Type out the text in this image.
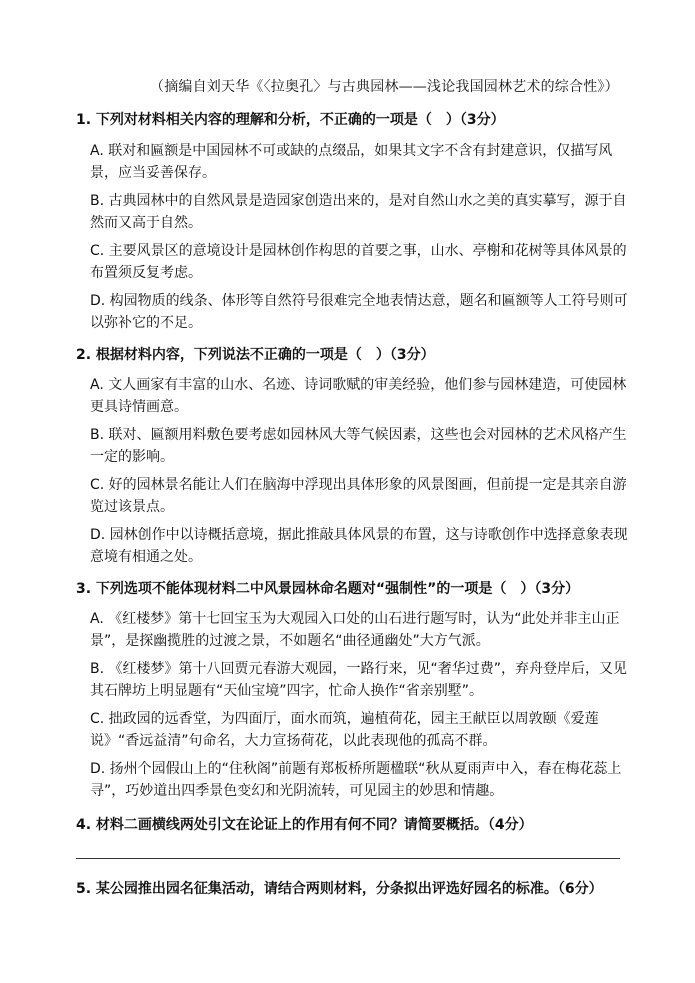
（摘编自刘天华《〈拉奥孔〉与古典园林——浅论我国园林艺术的综合性》）
1. 下列对材料相关内容的理解和分析，不正确的一项是（　）（3分）
A. 联对和匾额是中国园林不可或缺的点缀品，如果其文字不含有封建意识，仅描写风景，应当妥善保存。
B. 古典园林中的自然风景是造园家创造出来的，是对自然山水之美的真实摹写，源于自然而又高于自然。
C. 主要风景区的意境设计是园林创作构思的首要之事，山水、亭榭和花树等具体风景的布置须反复考虑。
D. 构园物质的线条、体形等自然符号很难完全地表情达意，题名和匾额等人工符号则可以弥补它的不足。
2. 根据材料内容，下列说法不正确的一项是（　）（3分）
A. 文人画家有丰富的山水、名迹、诗词歌赋的审美经验，他们参与园林建造，可使园林更具诗情画意。
B. 联对、匾额用料敷色要考虑如园林风大等气候因素，这些也会对园林的艺术风格产生一定的影响。
C. 好的园林景名能让人们在脑海中浮现出具体形象的风景图画，但前提一定是其亲自游览过该景点。
D. 园林创作中以诗概括意境，据此推敲具体风景的布置，这与诗歌创作中选择意象表现意境有相通之处。
3. 下列选项不能体现材料二中风景园林命名题对“强制性”的一项是（　）（3分）
A. 《红楼梦》第十七回宝玉为大观园入口处的山石进行题写时，认为“此处并非主山正景”，是探幽揽胜的过渡之景，不如题名“曲径通幽处”大方气派。
B. 《红楼梦》第十八回贾元春游大观园，一路行来，见“奢华过费”，弃舟登岸后，又见其石牌坊上明显题有“天仙宝境”四字，忙命人换作“省亲别墅”。
C. 拙政园的远香堂，为四面厅，面水而筑，遍植荷花，园主王献臣以周敦颐《爱莲说》“香远益清”句命名，大力宣扬荷花，以此表现他的孤高不群。
D. 扬州个园假山上的“住秋阁”前题有郑板桥所题楹联“秋从夏雨声中入，春在梅花蕊上寻”，巧妙道出四季景色变幻和光阴流转，可见园主的妙思和情趣。
4. 材料二画横线两处引文在论证上的作用有何不同？请简要概括。（4分）
5. 某公园推出园名征集活动，请结合两则材料，分条拟出评选好园名的标准。（6分）
